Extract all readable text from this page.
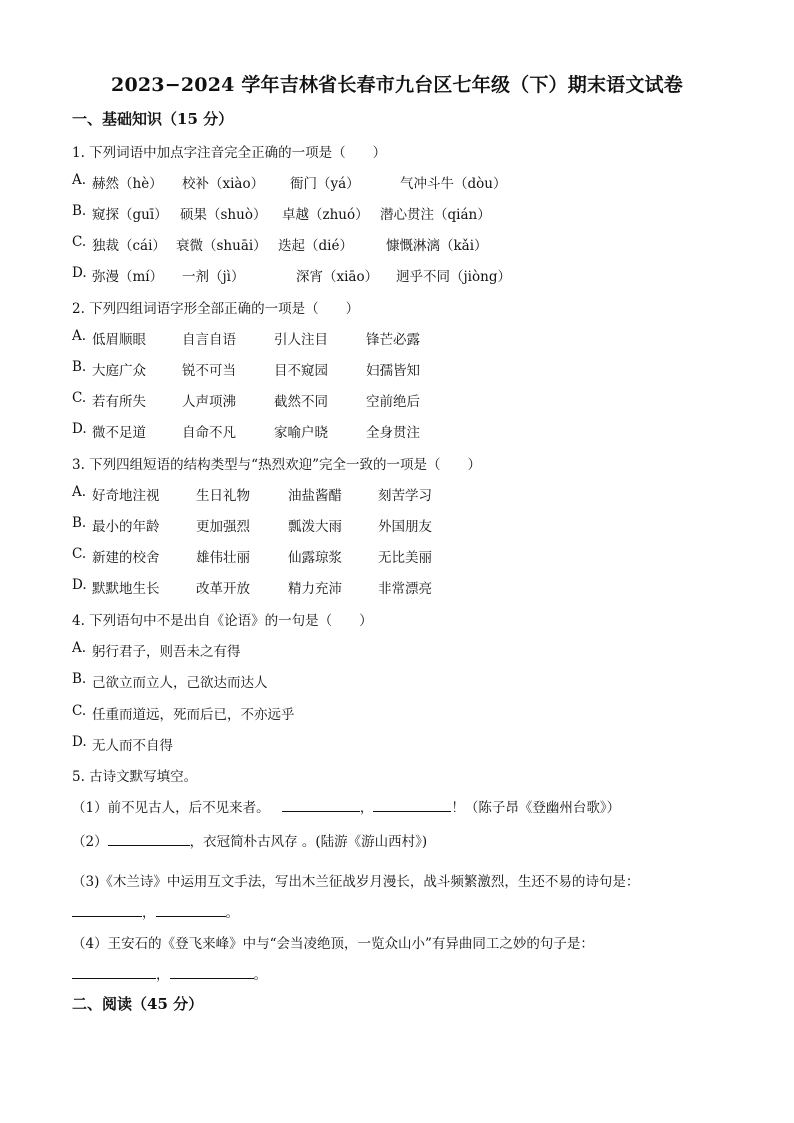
2023−2024 学年吉林省长春市九台区七年级（下）期末语文试卷
一、基础知识（15 分）
1. 下列词语中加点字注音完全正确的一项是（　　）
A. 赫然（hè） 校补（xiào） 衙门（yá）	气冲斗牛（dòu）
B. 窥探（guī） 硕果（shuò） 卓越（zhuó） 潜心贯注（qián）
C. 独裁（cái） 衰微（shuāi） 迭起（dié） 慷慨淋漓（kǎi）
D. 弥漫（mí） 一剂（jì）	深宵（xiāo） 迥乎不同（jiòng）
2. 下列四组词语字形全部正确的一项是（　　）
A. 低眉顺眼	自言自语	引人注目	锋芒必露
B. 大庭广众	锐不可当	目不窥园	妇孺皆知
C. 若有所失	人声项沸	截然不同	空前绝后
D. 微不足道	自命不凡	家喻户晓	全身贯注
3. 下列四组短语的结构类型与“热烈欢迎”完全一致的一项是（　　）
A. 好奇地注视	生日礼物	油盐酱醋	刻苦学习
B. 最小的年龄	更加强烈	瓢泼大雨	外国朋友
C. 新建的校舍	雄伟壮丽	仙露琼浆	无比美丽
D. 默默地生长	改革开放	精力充沛	非常漂亮
4. 下列语句中不是出自《论语》的一句是（　　）
A. 躬行君子，则吾未之有得
B. 己欲立而立人，己欲达而达人
C. 任重而道远，死而后已，不亦远乎
D. 无人而不自得
5. 古诗文默写填空。
（1）前不见古人，后不见来者。	，	！（陈子昂《登幽州台歌》）
（2）	，衣冠简朴古风存 。(陆游《游山西村》)
（3)《木兰诗》中运用互文手法，写出木兰征战岁月漫长，战斗频繁激烈，生还不易的诗句是：
，	。
（4）王安石的《登飞来峰》中与“会当凌绝顶，一览众山小”有异曲同工之妙的句子是：
，	。
二、阅读（45 分）
